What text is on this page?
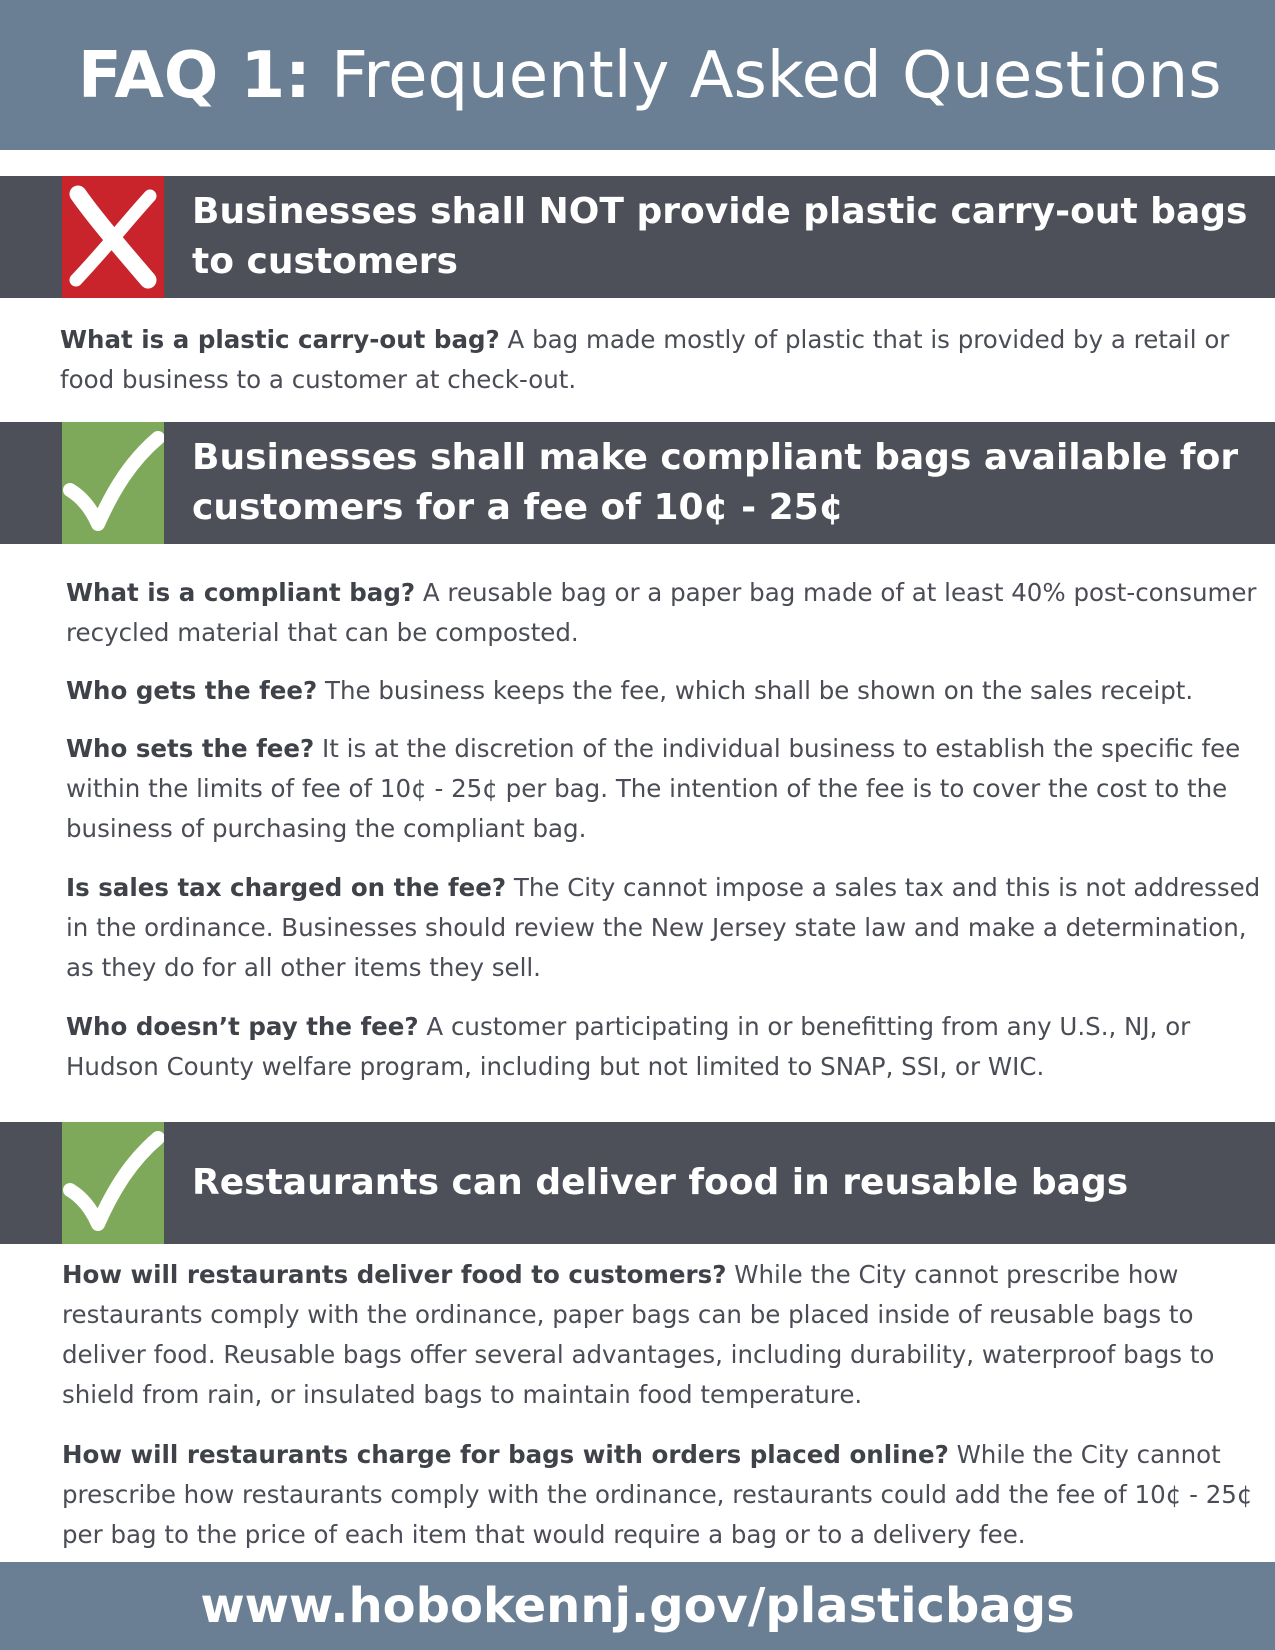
FAQ 1: Frequently Asked Questions
Businesses shall NOT provide plastic carry-out bags to customers

What is a plastic carry-out bag? A bag made mostly of plastic that is provided by a retail or food business to a customer at check-out.

Businesses shall make compliant bags available for customers for a fee of 10¢ - 25¢

What is a compliant bag? A reusable bag or a paper bag made of at least 40% post-consumer recycled material that can be composted.

Who gets the fee? The business keeps the fee, which shall be shown on the sales receipt.

Who sets the fee? It is at the discretion of the individual business to establish the specific fee within the limits of fee of 10¢ - 25¢ per bag. The intention of the fee is to cover the cost to the business of purchasing the compliant bag.

Is sales tax charged on the fee? The City cannot impose a sales tax and this is not addressed in the ordinance. Businesses should review the New Jersey state law and make a determination, as they do for all other items they sell.

Who doesn’t pay the fee? A customer participating in or benefitting from any U.S., NJ, or Hudson County welfare program, including but not limited to SNAP, SSI, or WIC.

Restaurants can deliver food in reusable bags

How will restaurants deliver food to customers? While the City cannot prescribe how restaurants comply with the ordinance, paper bags can be placed inside of reusable bags to deliver food. Reusable bags offer several advantages, including durability, waterproof bags to shield from rain, or insulated bags to maintain food temperature.

How will restaurants charge for bags with orders placed online? While the City cannot prescribe how restaurants comply with the ordinance, restaurants could add the fee of 10¢ - 25¢ per bag to the price of each item that would require a bag or to a delivery fee.

www.hobokennj.gov/plasticbags
